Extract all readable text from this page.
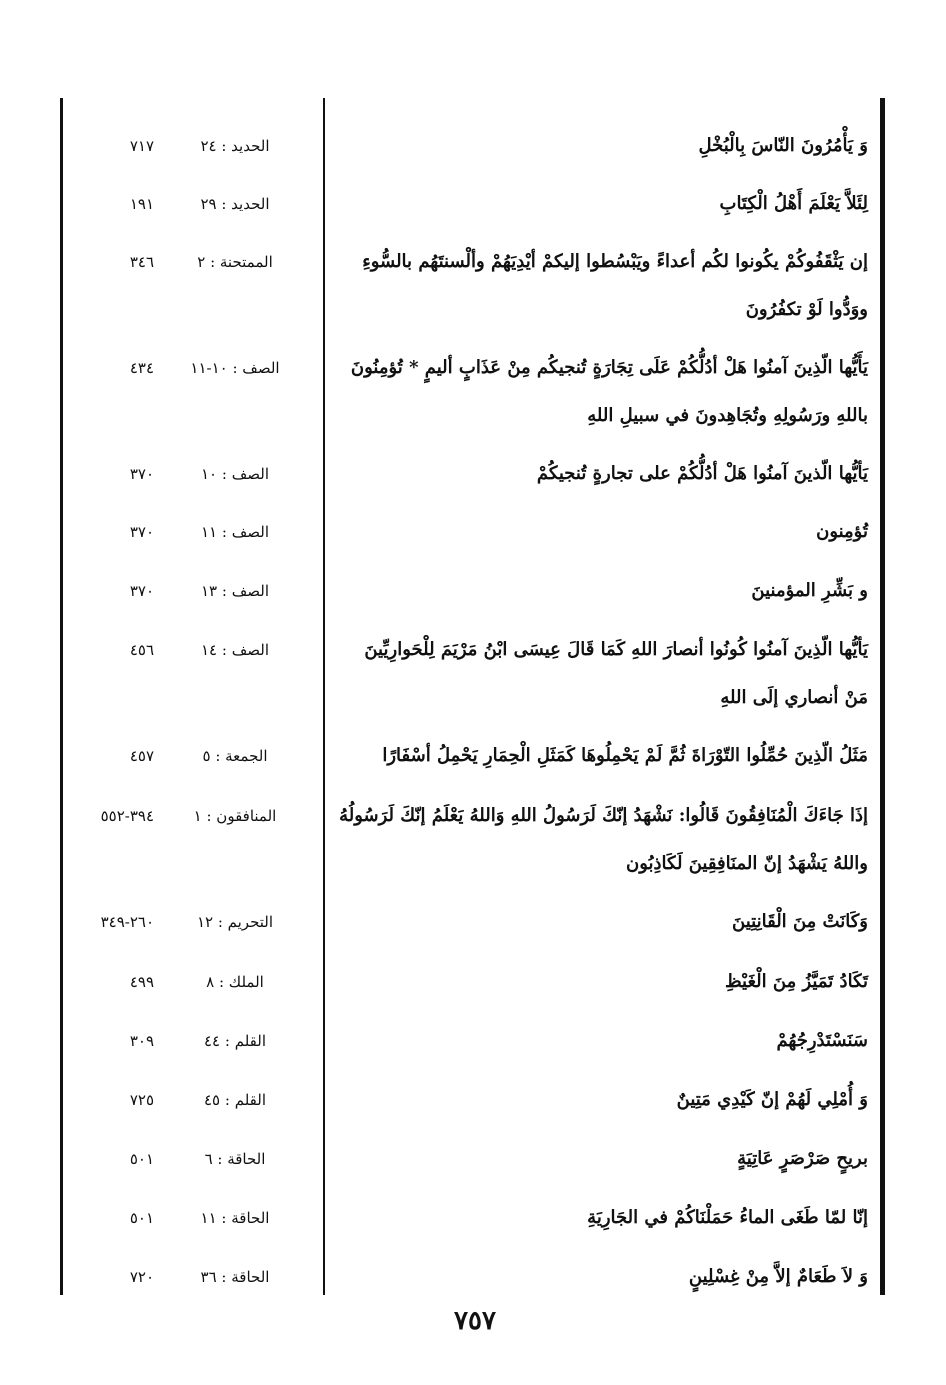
وَ يَأْمُرُونَ النّاسَ بِالْبُخْلِ
الحديد : ٢٤
٧١٧
لِئَلاَّ يَعْلَمَ أَهْلُ الْكِتَابِ
الحديد : ٢٩
١٩١
إن يَثْقَفُوكُمْ يكُونوا لكُم أعداءً ويَبْسُطوا إليكمْ أيْدِيَهُمْ وألْسنتَهُم بالسُّوءِ ووَدُّوا لَوْ تكفُرُونَ
الممتحنة : ٢
٣٤٦
يَأَيُّها الّذِينَ آمنُوا هَلْ أدُلُّكُمْ عَلَى تِجَارَةٍ تُنجيكُم مِنْ عَذَابٍ أليمٍ * تُؤمِنُونَ باللهِ ورَسُولِهِ وتُجَاهِدونَ في سبيلِ اللهِ
الصف : ١٠-١١
٤٣٤
يَأيُّها الّذينَ آمنُوا هَلْ أدُلُّكُمْ على تجارةٍ تُنجيكُمْ
الصف : ١٠
٣٧٠
تُؤمِنون
الصف : ١١
٣٧٠
و بَشِّرِ المؤمنينَ
الصف : ١٣
٣٧٠
يَأيُّها الّذِينَ آمنُوا كُونُوا أنصارَ اللهِ كَمَا قَالَ عِيسَى ابْنُ مَرْيَمَ لِلْحَوارِيِّينَ مَنْ أنصاري إلَى اللهِ
الصف : ١٤
٤٥٦
مَثَلُ الّذِينَ حُمِّلُوا التّوْرَاةَ ثُمَّ لَمْ يَحْمِلُوهَا كَمَثَلِ الْحِمَارِ يَحْمِلُ أسْفَارًا
الجمعة : ٥
٤٥٧
إذَا جَاءَكَ الْمُنَافِقُونَ قَالُوا: نَشْهَدُ إنّكَ لَرَسُولُ اللهِ وَاللهُ يَعْلَمُ إنّكَ لَرَسُولُهُ واللهُ يَشْهَدُ إنّ المنَافِقِينَ لَكَاذِبُون
المنافقون : ١
٣٩٤-٥٥٢
وَكَانَتْ مِنَ الْقَانِتِينَ
التحريم : ١٢
٢٦٠-٣٤٩
تَكَادُ تَمَيَّزُ مِنَ الْغَيْظِ
الملك : ٨
٤٩٩
سَنَسْتَدْرِجُهُمْ
القلم : ٤٤
٣٠٩
وَ أُمْلِي لَهُمْ إنّ كَيْدِي مَتِينٌ
القلم : ٤٥
٧٢٥
بريحٍ صَرْصَرٍ عَاتِيَةٍ
الحاقة : ٦
٥٠١
إنّا لمّا طَغَى الماءُ حَمَلْنَاكُمْ في الجَارِيَةِ
الحاقة : ١١
٥٠١
وَ لاَ طَعَامٌ إلاَّ مِنْ غِسْلِينٍ
الحاقة : ٣٦
٧٢٠
٧٥٧
